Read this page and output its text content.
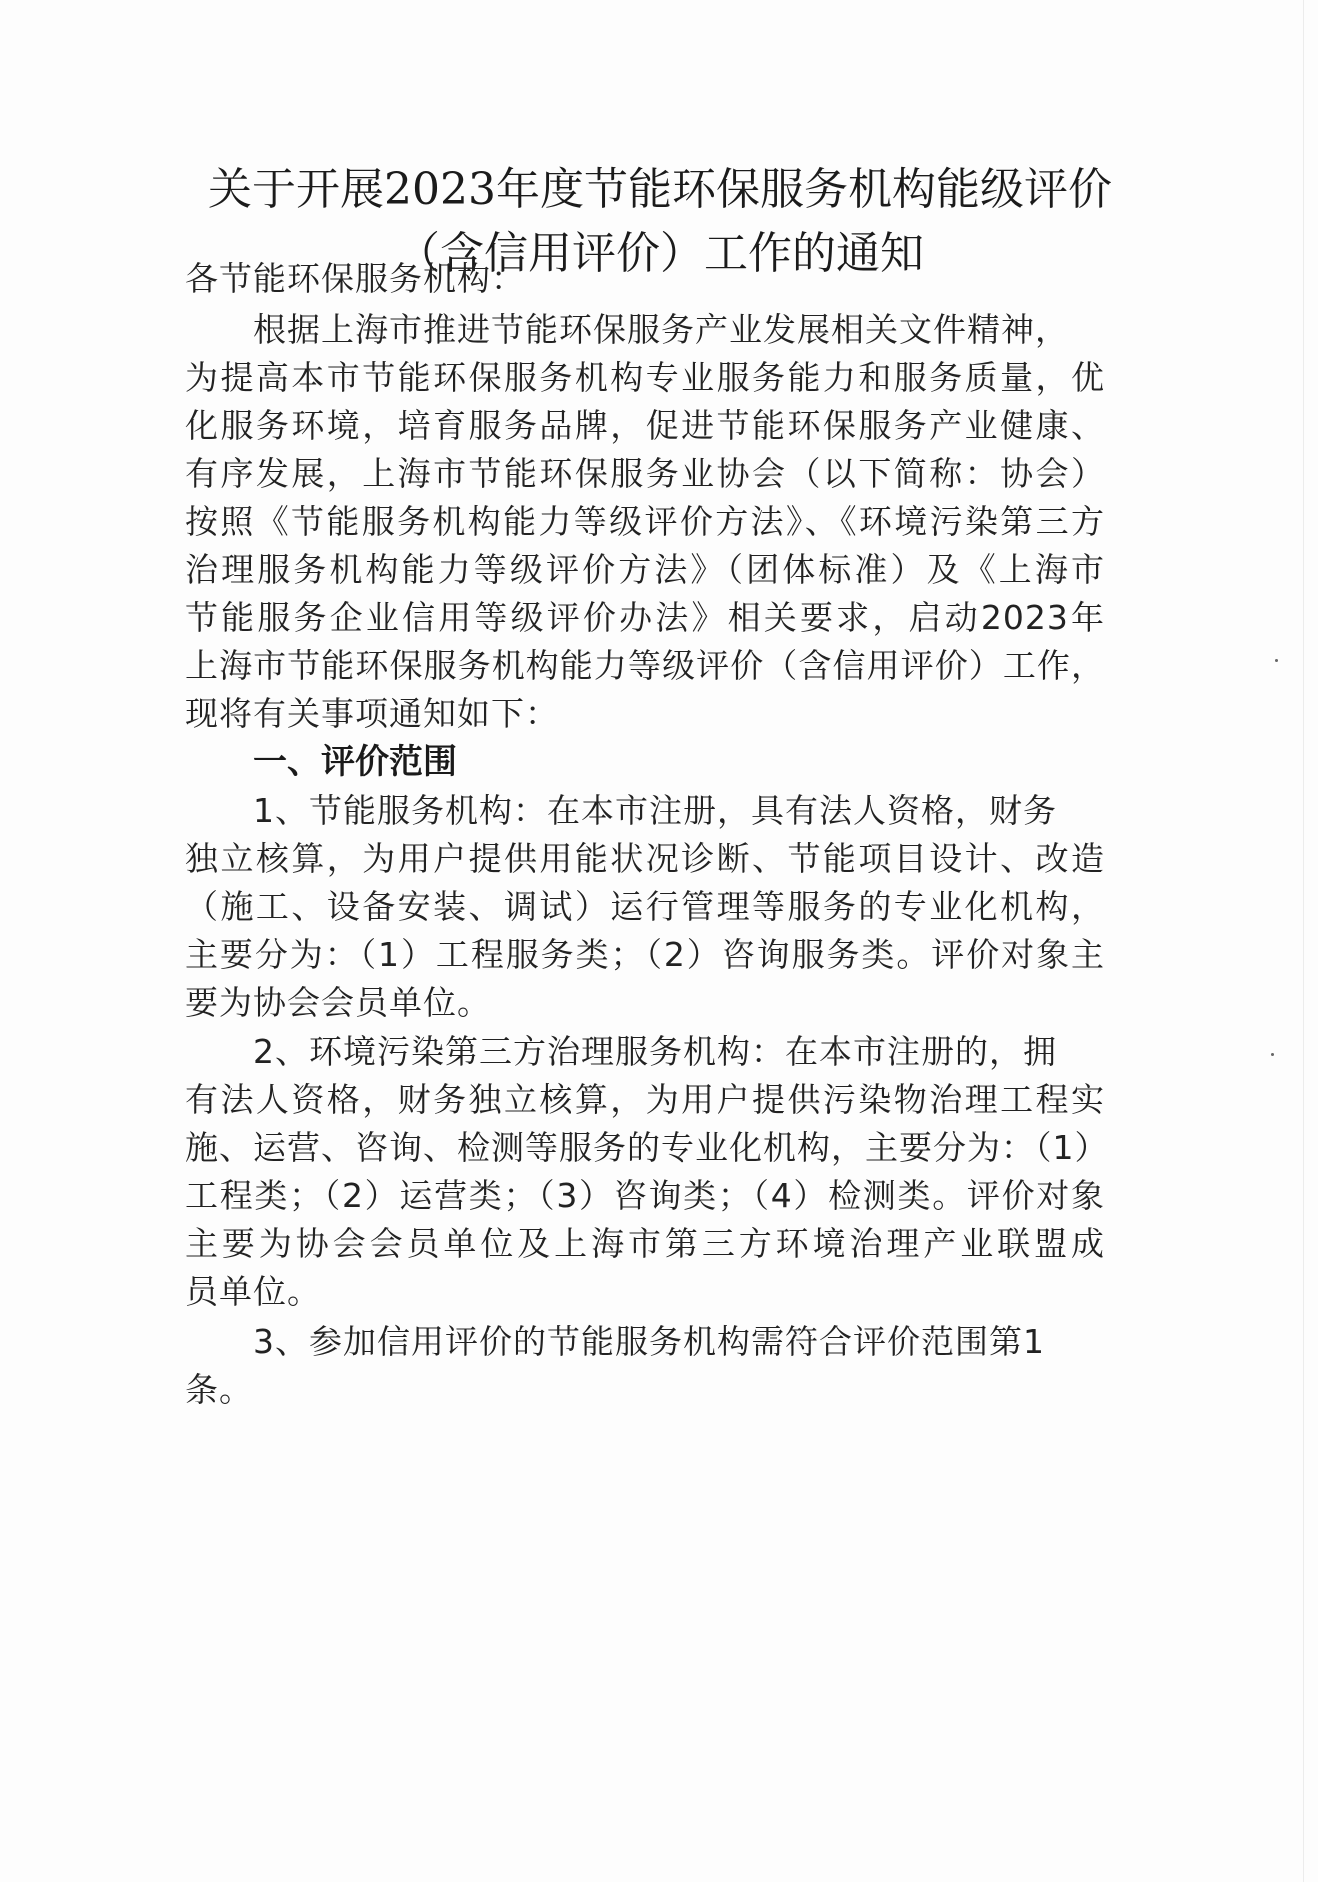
关于开展2023年度节能环保服务机构能级评价
（含信用评价）工作的通知

各节能环保服务机构：

根据上海市推进节能环保服务产业发展相关文件精神，

为提高本市节能环保服务机构专业服务能力和服务质量，优

化服务环境，培育服务品牌，促进节能环保服务产业健康、

有序发展，上海市节能环保服务业协会（以下简称：协会）

按照《节能服务机构能力等级评价方法》、《环境污染第三方

治理服务机构能力等级评价方法》（团体标准）及《上海市

节能服务企业信用等级评价办法》相关要求，启动2023年

上海市节能环保服务机构能力等级评价（含信用评价）工作，

现将有关事项通知如下：

一、评价范围

1、节能服务机构：在本市注册，具有法人资格，财务

独立核算，为用户提供用能状况诊断、节能项目设计、改造

（施工、设备安装、调试）运行管理等服务的专业化机构，

主要分为：（1）工程服务类；（2）咨询服务类。评价对象主

要为协会会员单位。

2、环境污染第三方治理服务机构：在本市注册的，拥

有法人资格，财务独立核算，为用户提供污染物治理工程实

施、运营、咨询、检测等服务的专业化机构，主要分为：（1）

工程类；（2）运营类；（3）咨询类；（4）检测类。评价对象

主要为协会会员单位及上海市第三方环境治理产业联盟成

员单位。

3、参加信用评价的节能服务机构需符合评价范围第1

条。
